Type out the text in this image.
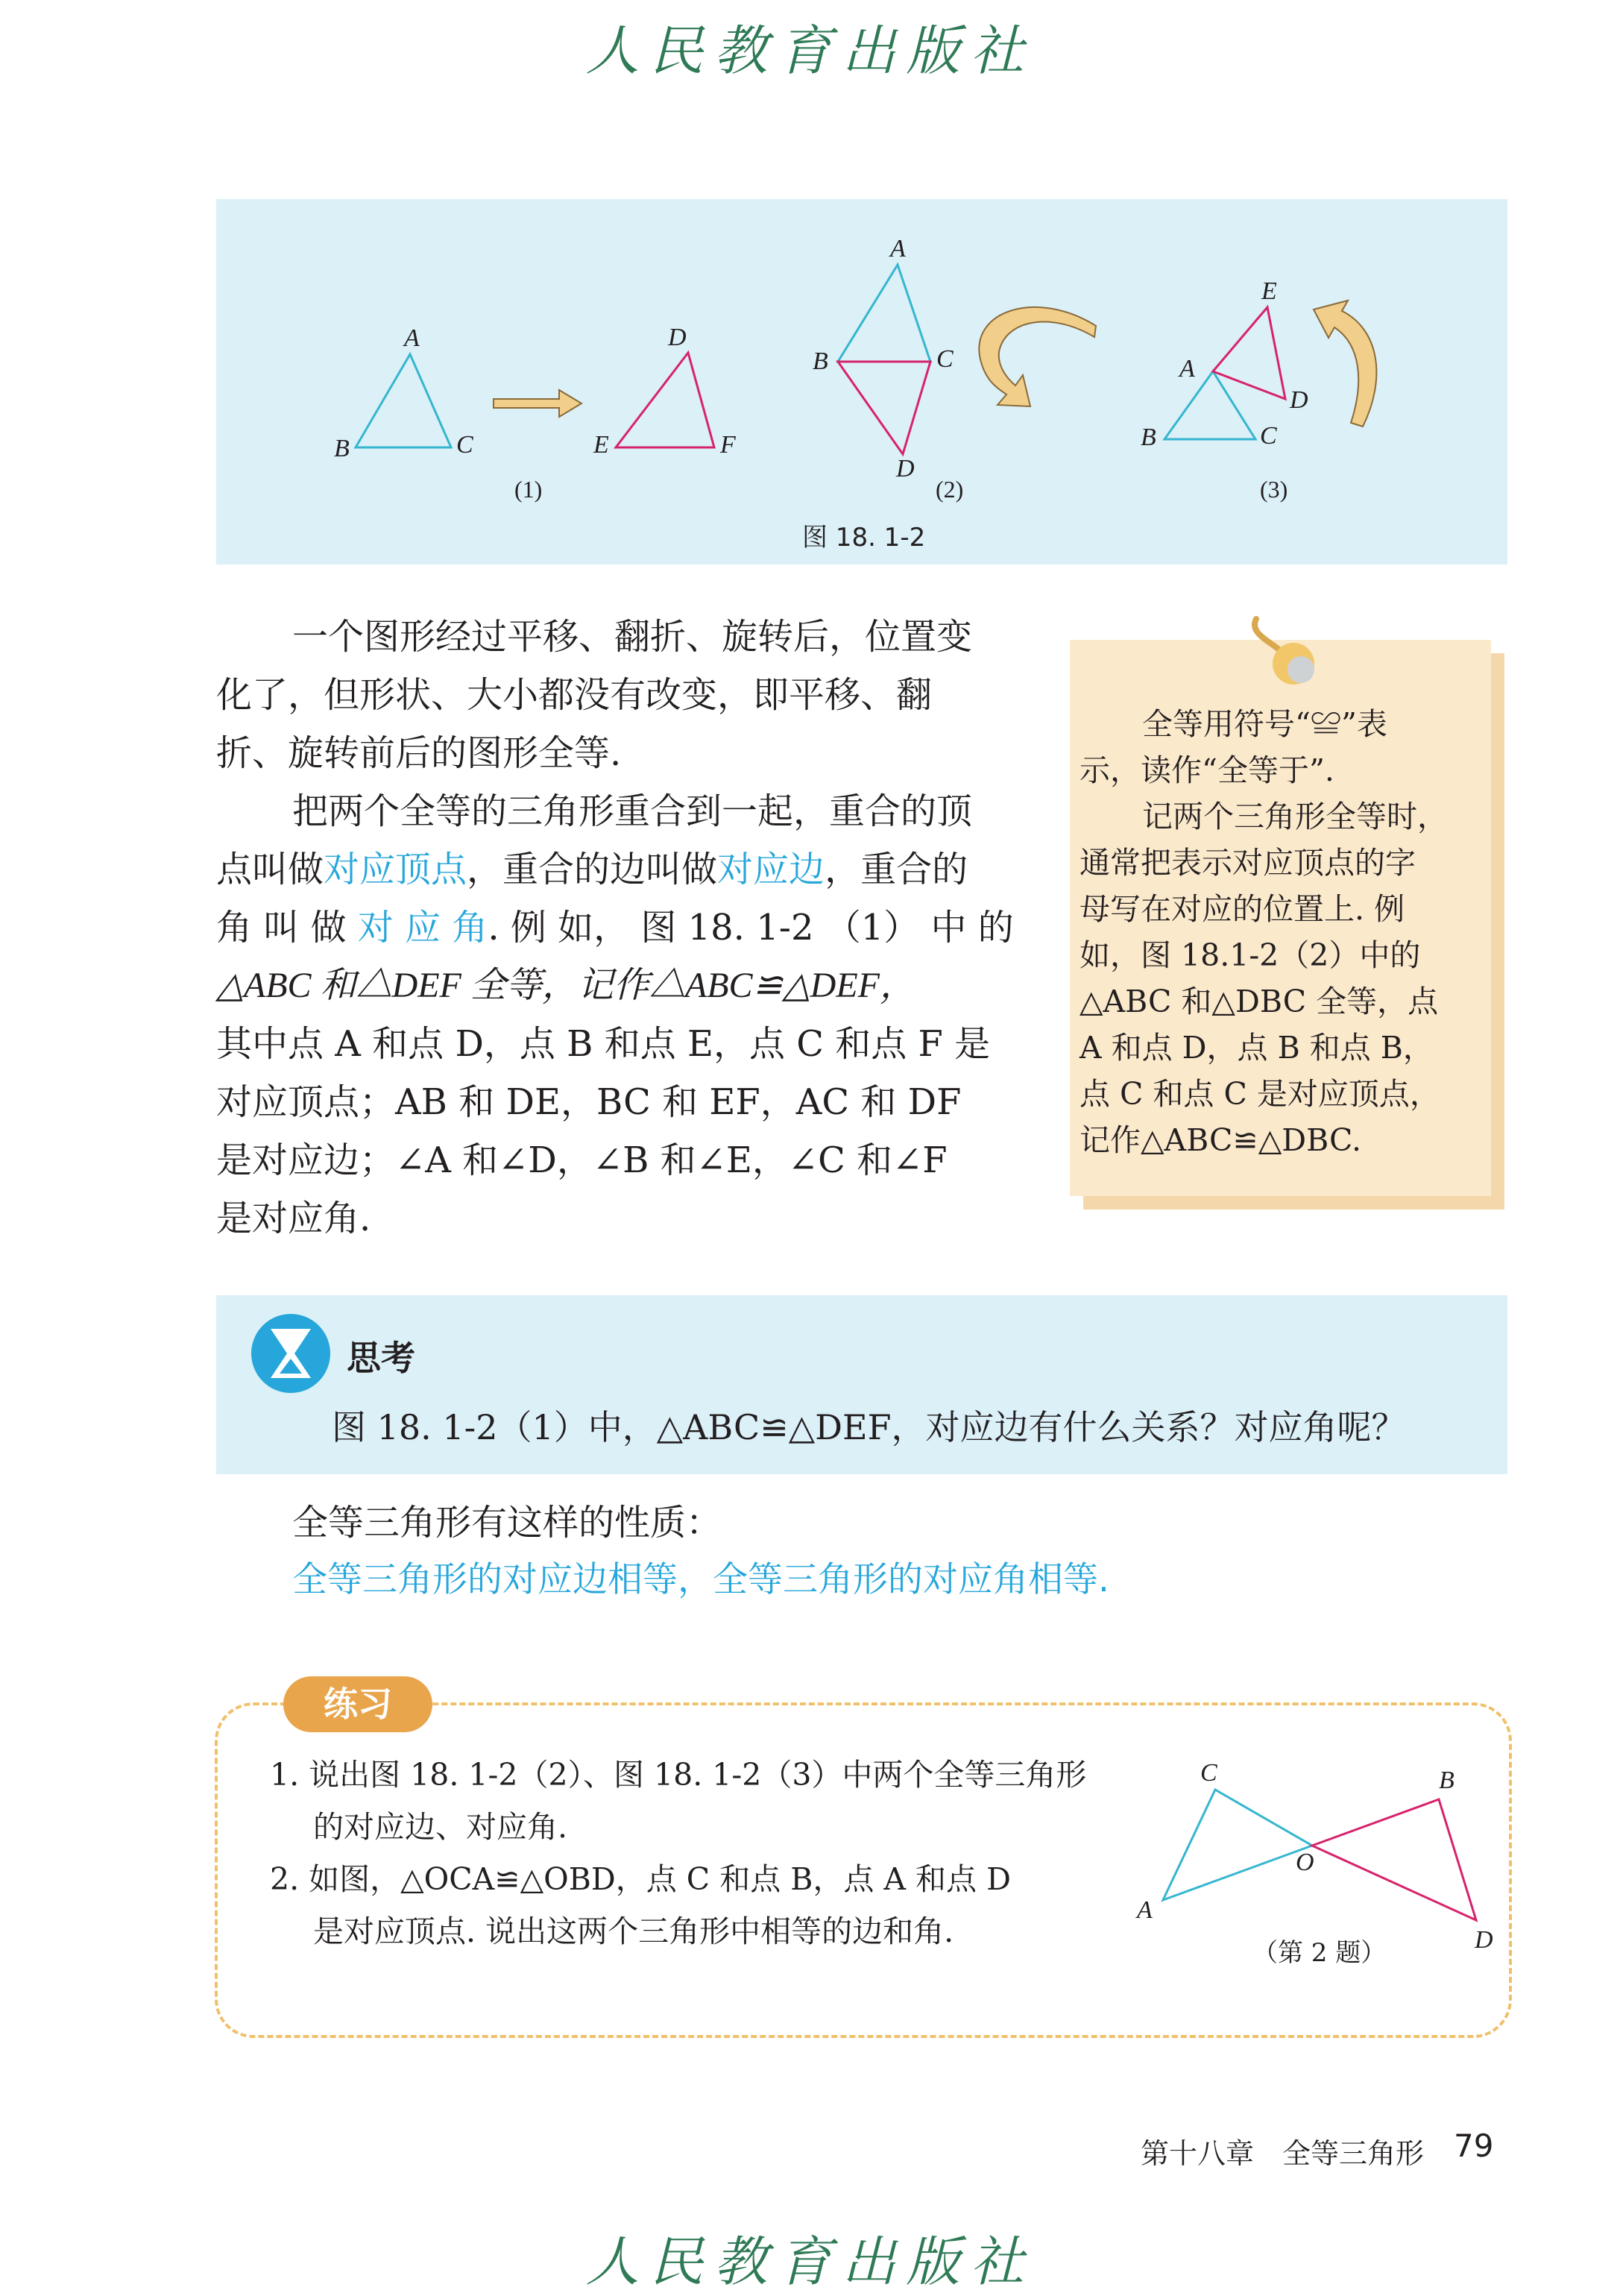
人民教育出版社
A
B	C
D
E	F
(1)
A
B	C
D
(2)
E
A
D
B	C
(3)
图 18. 1-2
一个图形经过平移、翻折、旋转后，位置变
化了，但形状、大小都没有改变，即平移、翻
折、旋转前后的图形全等.
把两个全等的三角形重合到一起，重合的顶
点叫做对应顶点，重合的边叫做对应边，重合的
角 叫 做 对 应 角. 例 如， 图 18. 1-2 （1） 中 的
△ABC 和△DEF 全等，记作△ABC≌△DEF，
其中点 A 和点 D，点 B 和点 E，点 C 和点 F 是
对应顶点；AB 和 DE，BC 和 EF，AC 和 DF
是对应边；∠A 和∠D，∠B 和∠E，∠C 和∠F
是对应角.
全等用符号“≌”表
示，读作“全等于”.
记两个三角形全等时，
通常把表示对应顶点的字
母写在对应的位置上. 例
如，图 18.1-2（2）中的
△ABC 和△DBC 全等，点
A 和点 D，点 B 和点 B，
点 C 和点 C 是对应顶点，
记作△ABC≌△DBC.
思考
图 18. 1-2（1）中，△ABC≌△DEF，对应边有什么关系？对应角呢？
全等三角形有这样的性质：
全等三角形的对应边相等，全等三角形的对应角相等.
练习
1. 说出图 18. 1-2（2）、图 18. 1-2（3）中两个全等三角形
的对应边、对应角.
2. 如图，△OCA≌△OBD，点 C 和点 B，点 A 和点 D
是对应顶点. 说出这两个三角形中相等的边和角.
C	B
O
A
D
（第 2 题）
第十八章　全等三角形 79
人民教育出版社
